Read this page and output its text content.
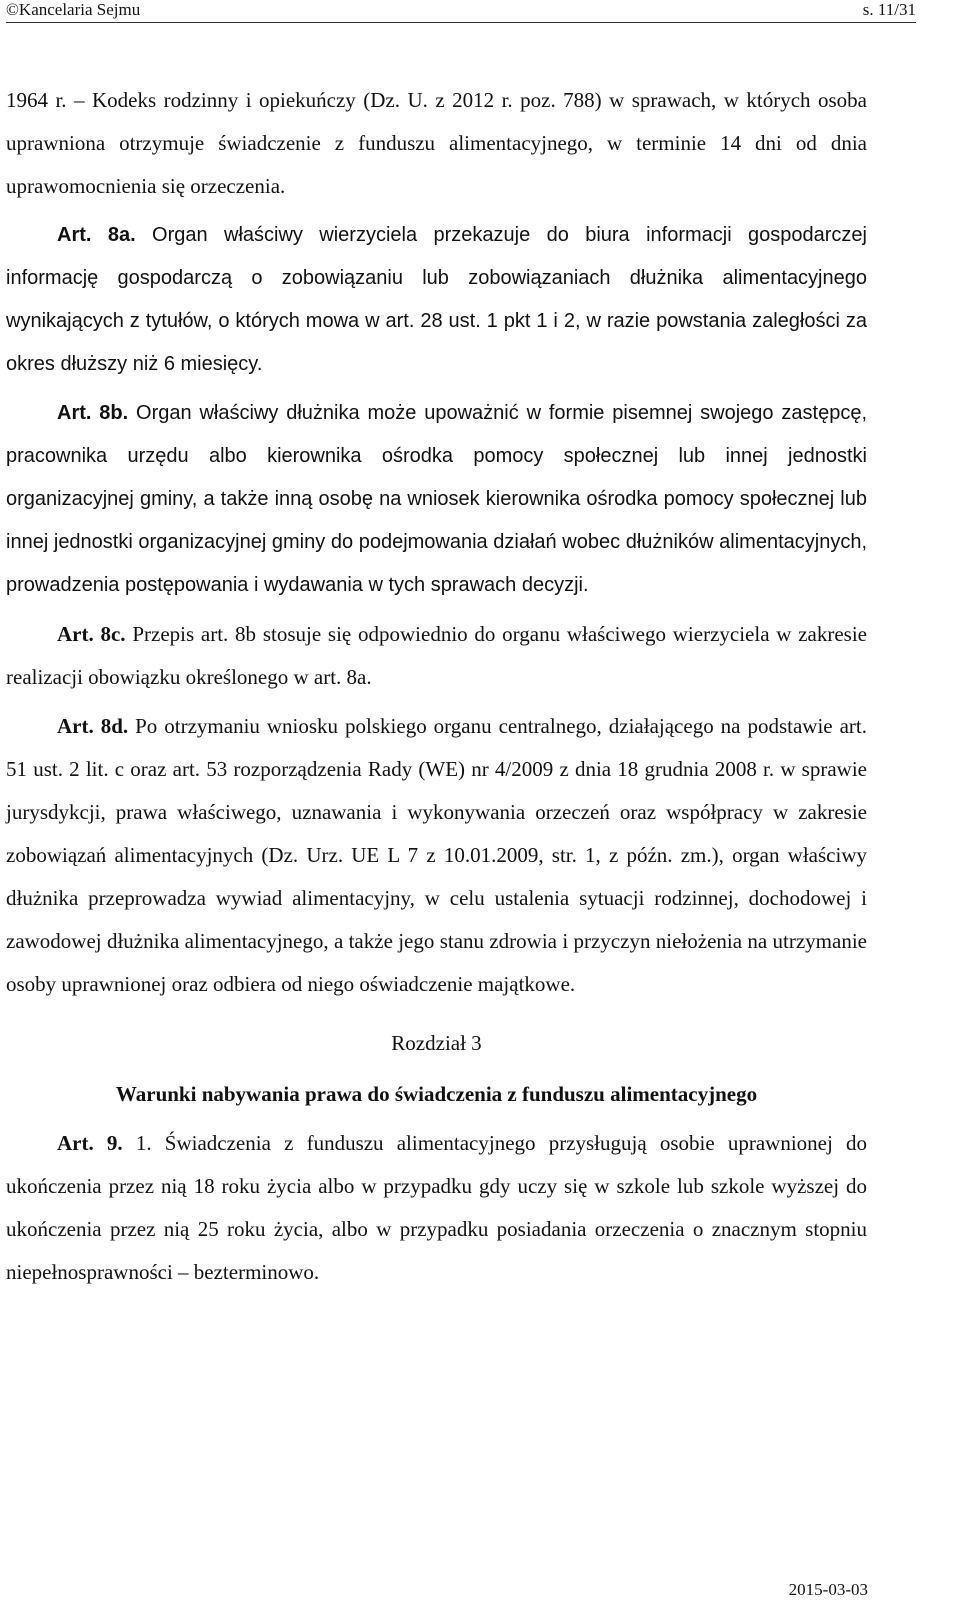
©Kancelaria Sejmu	s. 11/31

1964 r. – Kodeks rodzinny i opiekuńczy (Dz. U. z 2012 r. poz. 788) w sprawach, w których osoba uprawniona otrzymuje świadczenie z funduszu alimentacyjnego, w terminie 14 dni od dnia uprawomocnienia się orzeczenia.

Art. 8a. Organ właściwy wierzyciela przekazuje do biura informacji gospodarczej informację gospodarczą o zobowiązaniu lub zobowiązaniach dłużnika alimentacyjnego wynikających z tytułów, o których mowa w art. 28 ust. 1 pkt 1 i 2, w razie powstania zaległości za okres dłuższy niż 6 miesięcy.

Art. 8b. Organ właściwy dłużnika może upoważnić w formie pisemnej swojego zastępcę, pracownika urzędu albo kierownika ośrodka pomocy społecznej lub innej jednostki organizacyjnej gminy, a także inną osobę na wniosek kierownika ośrodka pomocy społecznej lub innej jednostki organizacyjnej gminy do podejmowania działań wobec dłużników alimentacyjnych, prowadzenia postępowania i wydawania w tych sprawach decyzji.

Art. 8c. Przepis art. 8b stosuje się odpowiednio do organu właściwego wierzyciela w zakresie realizacji obowiązku określonego w art. 8a.

Art. 8d. Po otrzymaniu wniosku polskiego organu centralnego, działającego na podstawie art. 51 ust. 2 lit. c oraz art. 53 rozporządzenia Rady (WE) nr 4/2009 z dnia 18 grudnia 2008 r. w sprawie jurysdykcji, prawa właściwego, uznawania i wykonywania orzeczeń oraz współpracy w zakresie zobowiązań alimentacyjnych (Dz. Urz. UE L 7 z 10.01.2009, str. 1, z późn. zm.), organ właściwy dłużnika przeprowadza wywiad alimentacyjny, w celu ustalenia sytuacji rodzinnej, dochodowej i zawodowej dłużnika alimentacyjnego, a także jego stanu zdrowia i przyczyn niełożenia na utrzymanie osoby uprawnionej oraz odbiera od niego oświadczenie majątkowe.

Rozdział 3

Warunki nabywania prawa do świadczenia z funduszu alimentacyjnego

Art. 9. 1. Świadczenia z funduszu alimentacyjnego przysługują osobie uprawnionej do ukończenia przez nią 18 roku życia albo w przypadku gdy uczy się w szkole lub szkole wyższej do ukończenia przez nią 25 roku życia, albo w przypadku posiadania orzeczenia o znacznym stopniu niepełnosprawności – bezterminowo.

2015-03-03
